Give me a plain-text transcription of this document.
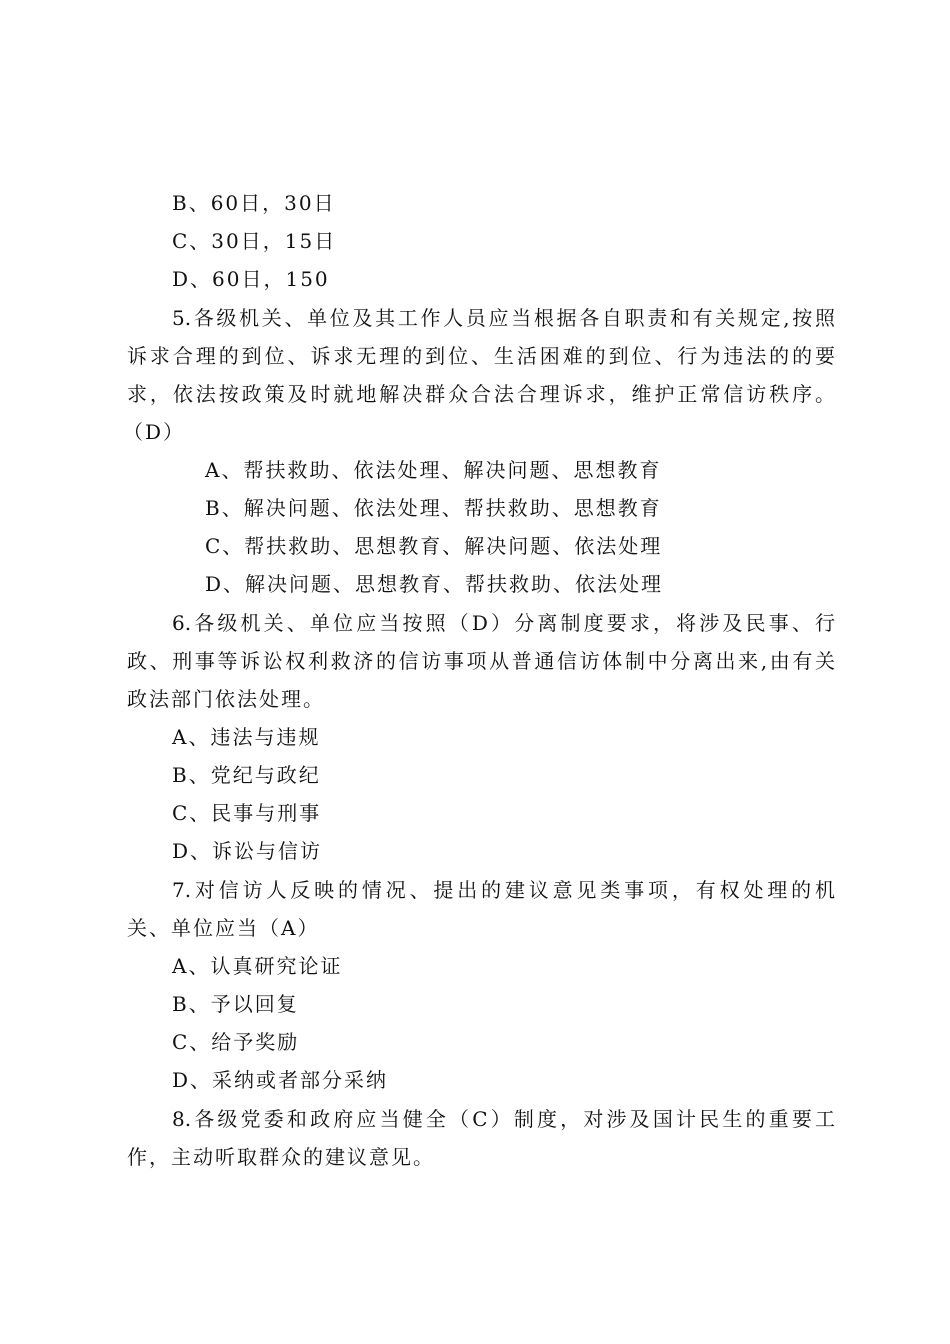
B、60日，30日
C、30日，15日
D、60日，150
5.各级机关、单位及其工作人员应当根据各自职责和有关规定,按照
诉求合理的到位、诉求无理的到位、生活困难的到位、行为违法的的要
求，依法按政策及时就地解决群众合法合理诉求，维护正常信访秩序。
（D）
A、帮扶救助、依法处理、解决问题、思想教育
B、解决问题、依法处理、帮扶救助、思想教育
C、帮扶救助、思想教育、解决问题、依法处理
D、解决问题、思想教育、帮扶救助、依法处理
6.各级机关、单位应当按照（D）分离制度要求，将涉及民事、行
政、刑事等诉讼权利救济的信访事项从普通信访体制中分离出来,由有关
政法部门依法处理。
A、违法与违规
B、党纪与政纪
C、民事与刑事
D、诉讼与信访
7.对信访人反映的情况、提出的建议意见类事项，有权处理的机
关、单位应当（A）
A、认真研究论证
B、予以回复
C、给予奖励
D、采纳或者部分采纳
8.各级党委和政府应当健全（C）制度，对涉及国计民生的重要工
作，主动听取群众的建议意见。
